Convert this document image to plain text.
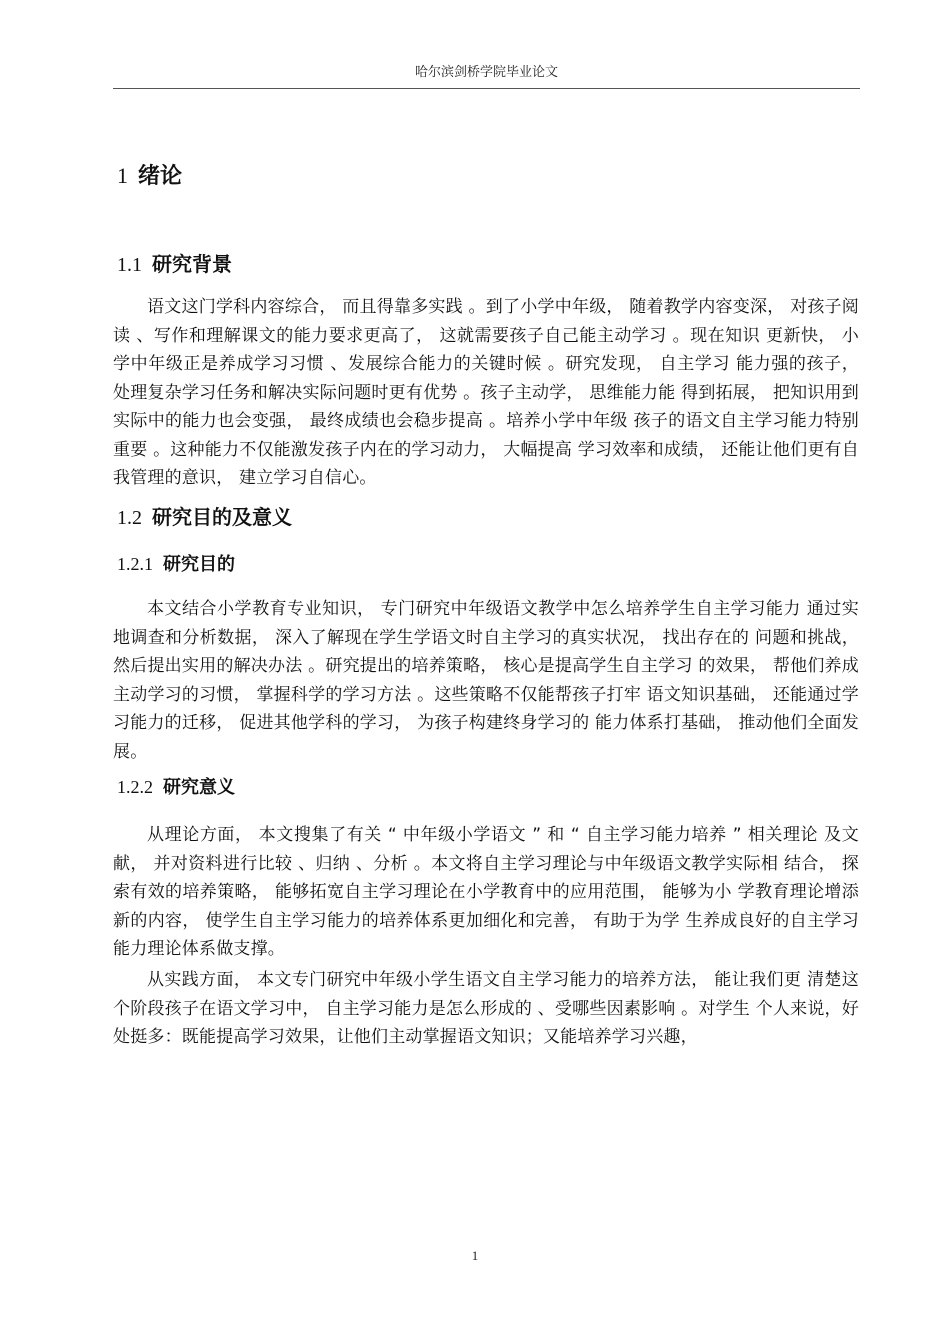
哈尔滨剑桥学院毕业论文
1 绪论
1.1 研究背景

语文这门学科内容综合， 而且得靠多实践 。到了小学中年级， 随着教学内容变深， 对孩子阅读 、写作和理解课文的能力要求更高了， 这就需要孩子自己能主动学习 。现在知识 更新快， 小学中年级正是养成学习习惯 、发展综合能力的关键时候 。研究发现， 自主学习 能力强的孩子， 处理复杂学习任务和解决实际问题时更有优势 。孩子主动学， 思维能力能 得到拓展， 把知识用到实际中的能力也会变强， 最终成绩也会稳步提高 。培养小学中年级 孩子的语文自主学习能力特别重要 。这种能力不仅能激发孩子内在的学习动力， 大幅提高 学习效率和成绩， 还能让他们更有自我管理的意识， 建立学习自信心。

1.2 研究目的及意义
1.2.1 研究目的

本文结合小学教育专业知识， 专门研究中年级语文教学中怎么培养学生自主学习能力 通过实地调查和分析数据， 深入了解现在学生学语文时自主学习的真实状况， 找出存在的 问题和挑战， 然后提出实用的解决办法 。研究提出的培养策略， 核心是提高学生自主学习 的效果， 帮他们养成主动学习的习惯， 掌握科学的学习方法 。这些策略不仅能帮孩子打牢 语文知识基础， 还能通过学习能力的迁移， 促进其他学科的学习， 为孩子构建终身学习的 能力体系打基础， 推动他们全面发展。

1.2.2 研究意义

从理论方面， 本文搜集了有关 “ 中年级小学语文 ” 和 “ 自主学习能力培养 ” 相关理论 及文献， 并对资料进行比较 、归纳 、分析 。本文将自主学习理论与中年级语文教学实际相 结合， 探索有效的培养策略， 能够拓宽自主学习理论在小学教育中的应用范围， 能够为小 学教育理论增添新的内容， 使学生自主学习能力的培养体系更加细化和完善， 有助于为学 生养成良好的自主学习能力理论体系做支撑。

从实践方面， 本文专门研究中年级小学生语文自主学习能力的培养方法， 能让我们更 清楚这个阶段孩子在语文学习中， 自主学习能力是怎么形成的 、受哪些因素影响 。对学生 个人来说，好处挺多：既能提高学习效果，让他们主动掌握语文知识；又能培养学习兴趣，

1
